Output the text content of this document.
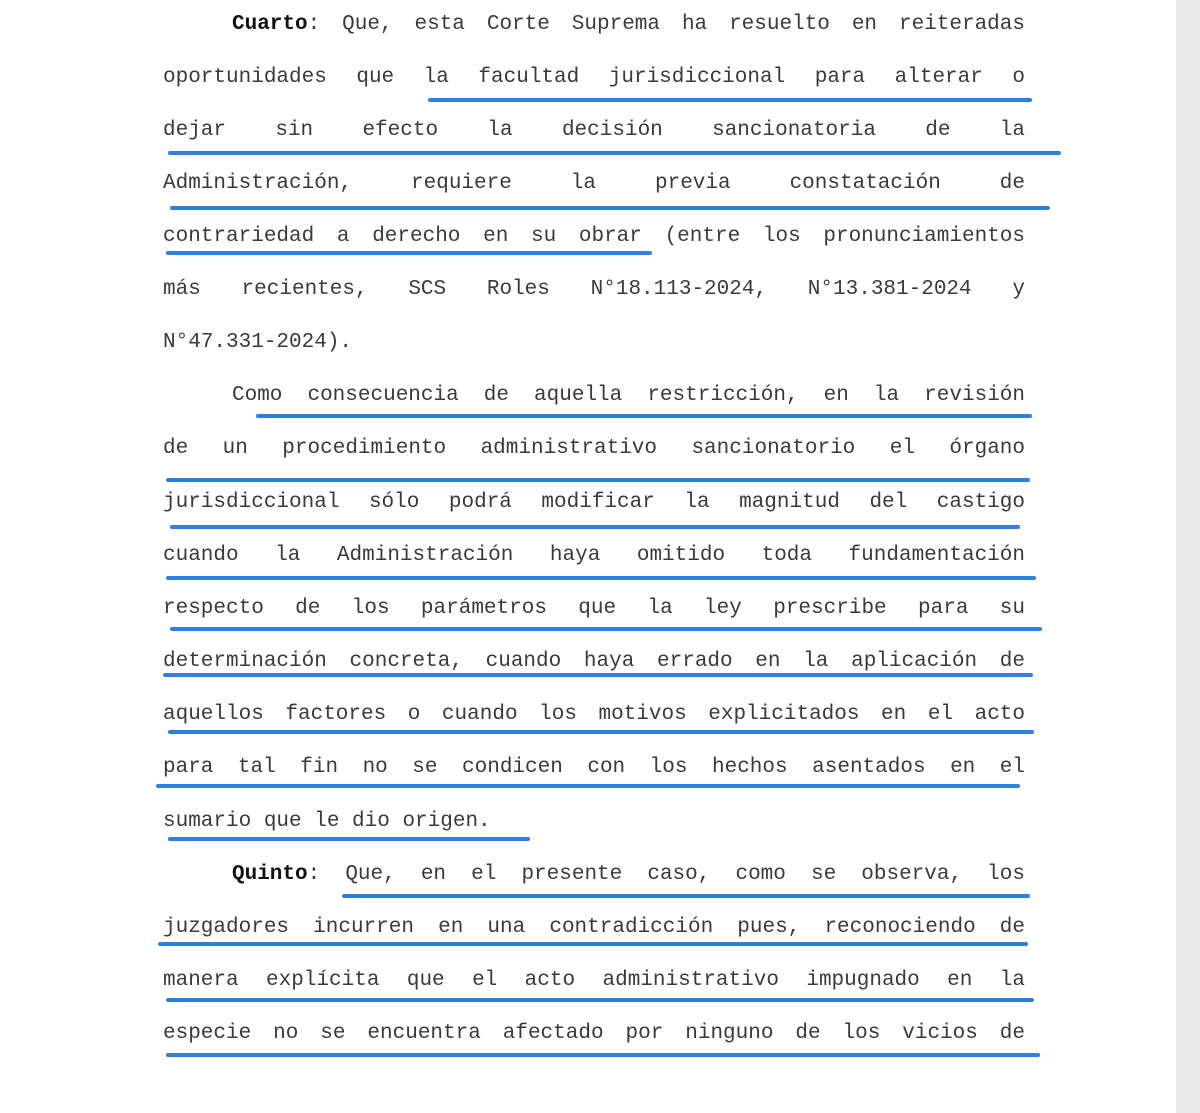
Cuarto: Que, esta Corte Suprema ha resuelto en reiteradas
oportunidades que la facultad jurisdiccional para alterar o
dejar sin efecto la decisión sancionatoria de la
Administración, requiere la previa constatación de
contrariedad a derecho en su obrar (entre los pronunciamientos
más recientes, SCS Roles N°18.113-2024, N°13.381-2024 y
N°47.331-2024).
Como consecuencia de aquella restricción, en la revisión
de un procedimiento administrativo sancionatorio el órgano
jurisdiccional sólo podrá modificar la magnitud del castigo
cuando la Administración haya omitido toda fundamentación
respecto de los parámetros que la ley prescribe para su
determinación concreta, cuando haya errado en la aplicación de
aquellos factores o cuando los motivos explicitados en el acto
para tal fin no se condicen con los hechos asentados en el
sumario que le dio origen.
Quinto: Que, en el presente caso, como se observa, los
juzgadores incurren en una contradicción pues, reconociendo de
manera explícita que el acto administrativo impugnado en la
especie no se encuentra afectado por ninguno de los vicios de
